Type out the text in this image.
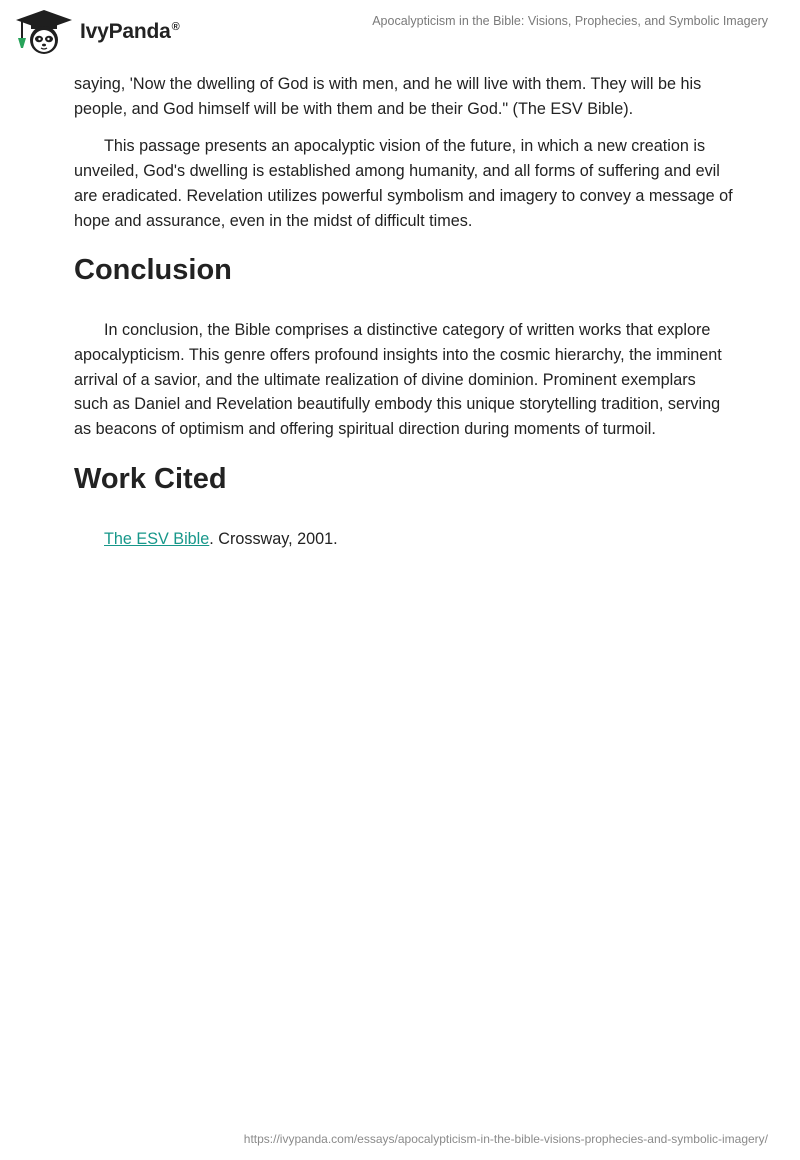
IvyPanda®	Apocalypticism in the Bible: Visions, Prophecies, and Symbolic Imagery

saying, 'Now the dwelling of God is with men, and he will live with them. They will be his people, and God himself will be with them and be their God." (The ESV Bible).

This passage presents an apocalyptic vision of the future, in which a new creation is unveiled, God's dwelling is established among humanity, and all forms of suffering and evil are eradicated. Revelation utilizes powerful symbolism and imagery to convey a message of hope and assurance, even in the midst of difficult times.

Conclusion

In conclusion, the Bible comprises a distinctive category of written works that explore apocalypticism. This genre offers profound insights into the cosmic hierarchy, the imminent arrival of a savior, and the ultimate realization of divine dominion. Prominent exemplars such as Daniel and Revelation beautifully embody this unique storytelling tradition, serving as beacons of optimism and offering spiritual direction during moments of turmoil.

Work Cited

The ESV Bible. Crossway, 2001.

https://ivypanda.com/essays/apocalypticism-in-the-bible-visions-prophecies-and-symbolic-imagery/
